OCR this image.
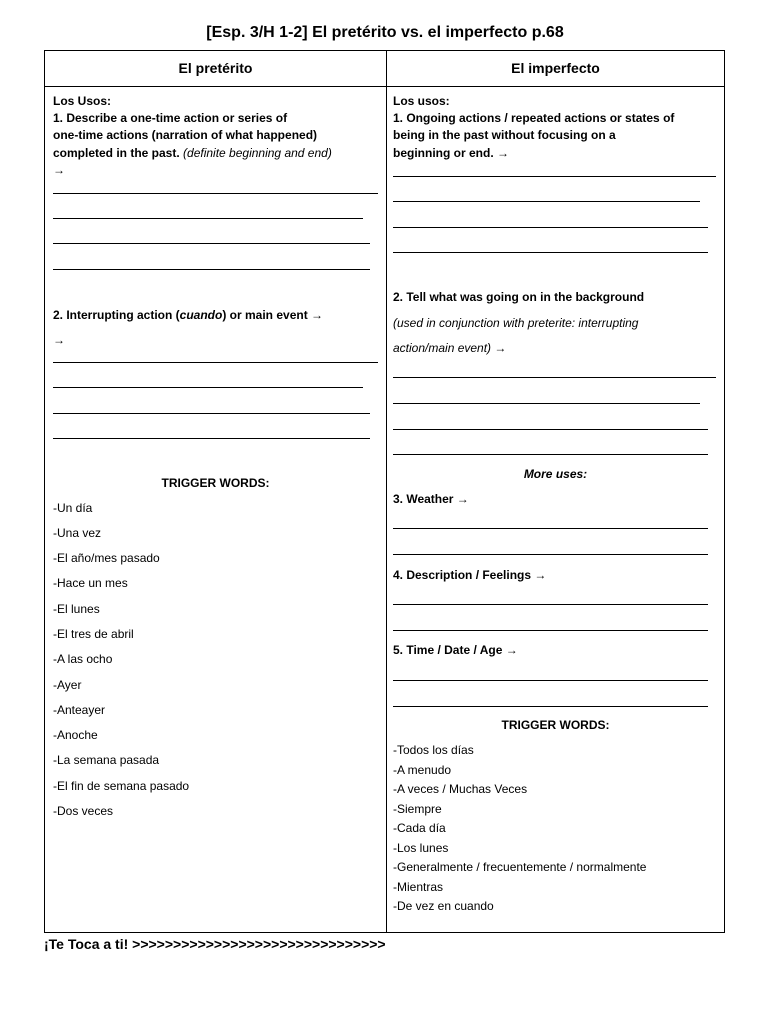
[Esp. 3/H 1-2] El pretérito vs. el imperfecto p.68
El pretérito	El imperfecto
Los Usos:
1. Describe a one-time action or series of
one-time actions (narration of what happened)
completed in the past. (definite beginning and end)
→
2. Interrupting action (cuando) or main event →
→
TRIGGER WORDS:
-Un día
-Una vez
-El año/mes pasado
-Hace un mes
-El lunes
-El tres de abril
-A las ocho
-Ayer
-Anteayer
-Anoche
-La semana pasada
-El fin de semana pasado
-Dos veces
Los usos:
1. Ongoing actions / repeated actions or states of
being in the past without focusing on a
beginning or end. →
2. Tell what was going on in the background
(used in conjunction with preterite: interrupting
action/main event) →
More uses:
3. Weather →
4. Description / Feelings →
5. Time / Date / Age →
TRIGGER WORDS:
-Todos los días
-A menudo
-A veces / Muchas Veces
-Siempre
-Cada día
-Los lunes
-Generalmente / frecuentemente / normalmente
-Mientras
-De vez en cuando
¡Te Toca a ti! >>>>>>>>>>>>>>>>>>>>>>>>>>>>>>>
